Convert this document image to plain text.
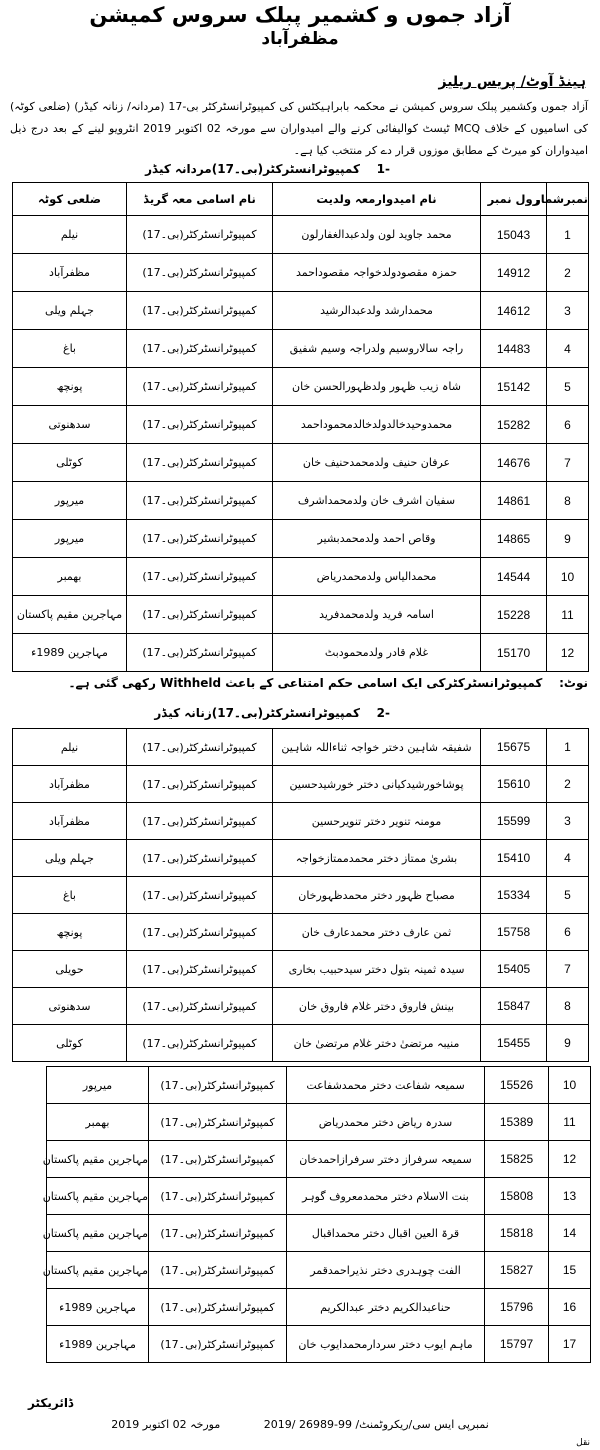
آزاد جموں و کشمیر پبلک سروس کمیشن
مظفرآباد
ہینڈ آوٹ/ پریس ریلیز
آزاد جموں وکشمیر پبلک سروس کمیشن نے محکمہ بابراہیکٹس کی کمپیوٹرانسٹرکٹر بی-17 (مردانہ/ زنانہ کیڈر) (ضلعی کوٹہ) کی اسامیوں کے خلاف MCQ ٹیسٹ کوالیفائی کرنے والے امیدواران سے مورخہ 02 اکتوبر 2019 انٹرویو لینے کے بعد درج ذیل امیدواران کو میرٹ کے مطابق موزوں قرار دے کر منتخب کیا ہے۔
-1    کمپیوٹرانسٹرکٹر(بی۔17)مردانہ کیڈر
نمبرشمار	رول نمبر	نام امیدوارمعہ ولدیت	نام اسامی معہ گریڈ	ضلعی کوٹہ
1	15043	محمد جاوید لون ولدعبدالغفارلون	کمپیوٹرانسٹرکٹر(بی۔17)	نیلم
2	14912	حمزہ مقصودولدخواجہ مقصوداحمد	کمپیوٹرانسٹرکٹر(بی۔17)	مظفرآباد
3	14612	محمدارشد ولدعبدالرشید	کمپیوٹرانسٹرکٹر(بی۔17)	جہلم ویلی
4	14483	راجہ سالاروسیم ولدراجہ وسیم شفیق	کمپیوٹرانسٹرکٹر(بی۔17)	باغ
5	15142	شاہ زیب ظہور ولدظہورالحسن خان	کمپیوٹرانسٹرکٹر(بی۔17)	پونچھ
6	15282	محمدوحیدخالدولدخالدمحموداحمد	کمپیوٹرانسٹرکٹر(بی۔17)	سدھنوتی
7	14676	عرفان حنیف ولدمحمدحنیف خان	کمپیوٹرانسٹرکٹر(بی۔17)	کوٹلی
8	14861	سفیان اشرف خان ولدمحمداشرف	کمپیوٹرانسٹرکٹر(بی۔17)	میرپور
9	14865	وقاص احمد ولدمحمدبشیر	کمپیوٹرانسٹرکٹر(بی۔17)	میرپور
10	14544	محمدالیاس ولدمحمدریاض	کمپیوٹرانسٹرکٹر(بی۔17)	بھمبر
11	15228	اسامہ فرید ولدمحمدفرید	کمپیوٹرانسٹرکٹر(بی۔17)	مہاجرین مقیم پاکستان
12	15170	غلام قادر ولدمحمودبٹ	کمپیوٹرانسٹرکٹر(بی۔17)	مہاجرین 1989ء
نوٹ:    کمپیوٹرانسٹرکٹرکی ایک اسامی حکم امتناعی کے باعث Withheld رکھی گئی ہے۔
-2    کمپیوٹرانسٹرکٹر(بی۔17)زنانہ کیڈر
1	15675	شفیقہ شاہین دختر خواجہ ثناءاللہ شاہین	کمپیوٹرانسٹرکٹر(بی۔17)	نیلم
2	15610	پوشاخورشیدکیانی دختر خورشیدحسین	کمپیوٹرانسٹرکٹر(بی۔17)	مظفرآباد
3	15599	مومنہ تنویر دختر تنویرحسین	کمپیوٹرانسٹرکٹر(بی۔17)	مظفرآباد
4	15410	بشریٰ ممتاز دختر محمدممتازخواجہ	کمپیوٹرانسٹرکٹر(بی۔17)	جہلم ویلی
5	15334	مصباح ظہور دختر محمدظہورخان	کمپیوٹرانسٹرکٹر(بی۔17)	باغ
6	15758	ثمن عارف دختر محمدعارف خان	کمپیوٹرانسٹرکٹر(بی۔17)	پونچھ
7	15405	سیدہ ثمینہ بتول دختر سیدحبیب بخاری	کمپیوٹرانسٹرکٹر(بی۔17)	حویلی
8	15847	بینش فاروق دختر غلام فاروق خان	کمپیوٹرانسٹرکٹر(بی۔17)	سدھنوتی
9	15455	منیبہ مرتضیٰ دختر غلام مرتضیٰ خان	کمپیوٹرانسٹرکٹر(بی۔17)	کوٹلی
10	15526	سمیعہ شفاعت دختر محمدشفاعت	کمپیوٹرانسٹرکٹر(بی۔17)	میرپور
11	15389	سدرہ ریاض دختر محمدریاض	کمپیوٹرانسٹرکٹر(بی۔17)	بھمبر
12	15825	سمیعہ سرفراز دختر سرفرازاحمدخان	کمپیوٹرانسٹرکٹر(بی۔17)	مہاجرین مقیم پاکستان
13	15808	بنت الاسلام دختر محمدمعروف گوہر	کمپیوٹرانسٹرکٹر(بی۔17)	مہاجرین مقیم پاکستان
14	15818	قرۃ العین اقبال دختر محمداقبال	کمپیوٹرانسٹرکٹر(بی۔17)	مہاجرین مقیم پاکستان
15	15827	الفت چوہدری دختر نذیراحمدقمر	کمپیوٹرانسٹرکٹر(بی۔17)	مہاجرین مقیم پاکستان
16	15796	حناعبدالکریم دختر عبدالکریم	کمپیوٹرانسٹرکٹر(بی۔17)	مہاجرین 1989ء
17	15797	ماہم ایوب دختر سردارمحمدایوب خان	کمپیوٹرانسٹرکٹر(بی۔17)	مہاجرین 1989ء
ڈائریکٹر
نمبرپی ایس سی/ریکروٹمنٹ/ 99-26989 /2019 مورخہ 02 اکتوبر 2019
نقل
